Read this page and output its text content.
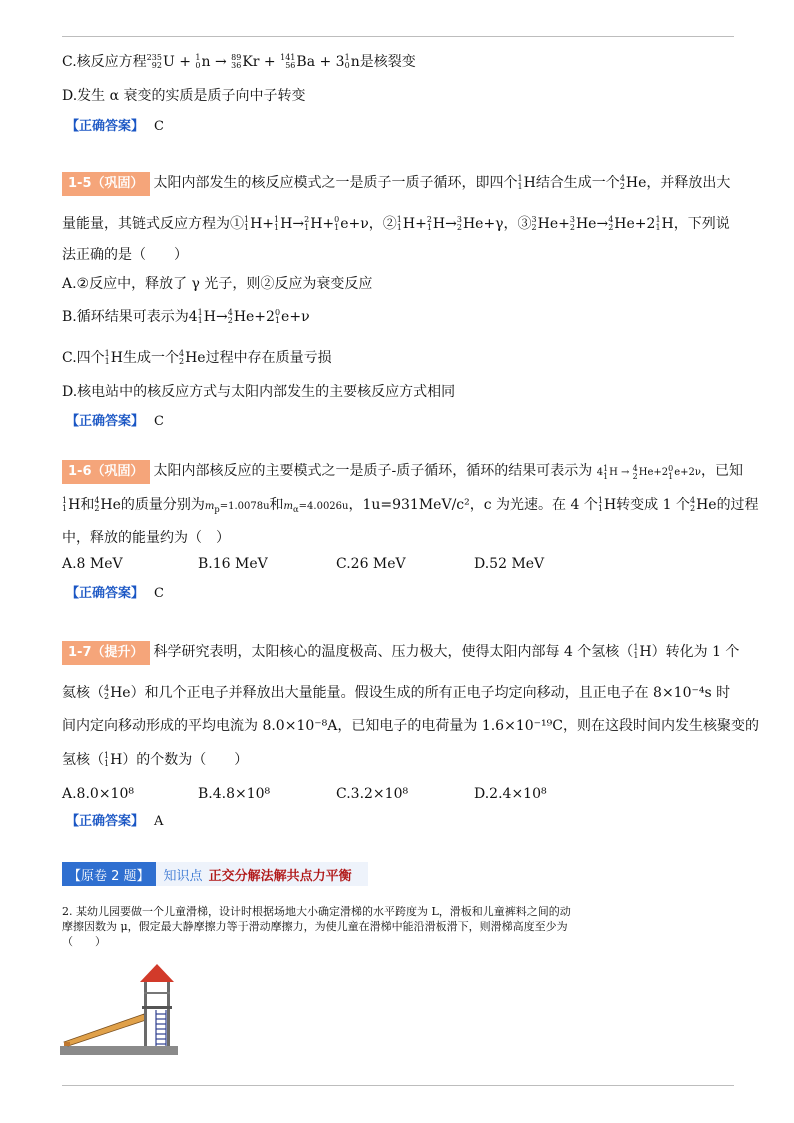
C.核反应方程 235
92 U + 1
0 n → 89
36 Kr + 141
56 Ba + 3 1
0 n是核裂变
D.发生 α 衰变的实质是质子向中子转变
【正确答案】 C
1-5（巩固） 太阳内部发生的核反应模式之一是质子一质子循环，即四个 1
1 H结合生成一个 4
2 He，并释放出大
量能量，其链式反应方程为① 1
1 H+ 1
1 H→ 2
1 H+ 0
1 e+ν，② 1
1 H+ 2
1 H→ 3
2 He+γ，③ 3
2 He+ 3
2 He→ 4
2 He+2 1
1 H，下列说
法正确的是（　　）
A.②反应中，释放了 γ 光子，则②反应为衰变反应
B.循环结果可表示为4 1
1 H→ 4
2 He+2 0
1 e+ν
C.四个 1
1 H生成一个 4
2 He过程中存在质量亏损
D.核电站中的核反应方式与太阳内部发生的主要核反应方式相同
【正确答案】 C
1-6（巩固） 太阳内部核反应的主要模式之一是质子-质子循环，循环的结果可表示为 4 1
1 H → 4
2 He+2 0
1 e+2ν，已知
1
1 H和 4
2 He的质量分别为$m_p=1.0078u$和$m_\alpha=4.0026u$，1u=931MeV/c²，c 为光速。在 4 个 1
1 H转变成 1 个 4
2 He的过程
中，释放的能量约为（　）
A.8 MeV	B.16 MeV	C.26 MeV	D.52 MeV
【正确答案】 C
1-7（提升） 科学研究表明，太阳核心的温度极高、压力极大，使得太阳内部每 4 个氢核（ 1
1 H）转化为 1 个
氦核（ 4
2 He）和几个正电子并释放出大量能量。假设生成的所有正电子均定向移动，且正电子在 8×10⁻⁴s 时
间内定向移动形成的平均电流为 8.0×10⁻⁸A，已知电子的电荷量为 1.6×10⁻¹⁹C，则在这段时间内发生核聚变的
氢核（ 1
1 H）的个数为（　　）
A.8.0×10⁸	B.4.8×10⁸	C.3.2×10⁸	D.2.4×10⁸
【正确答案】 A
【原卷 2 题】	知识点 正交分解法解共点力平衡
2. 某幼儿园要做一个儿童滑梯，设计时根据场地大小确定滑梯的水平跨度为 L，滑板和儿童裤料之间的动
摩擦因数为 μ，假定最大静摩擦力等于滑动摩擦力，为使儿童在滑梯中能沿滑板滑下，则滑梯高度至少为
（　　）
